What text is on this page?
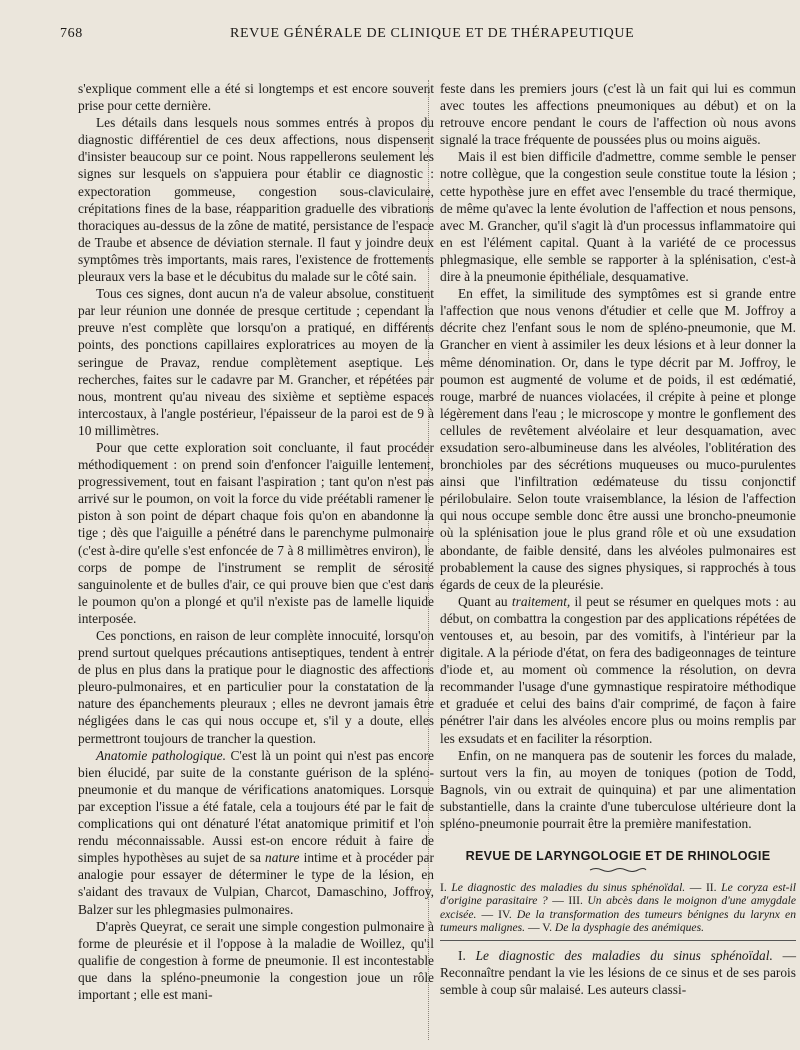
768	REVUE GÉNÉRALE DE CLINIQUE ET DE THÉRAPEUTIQUE

s'explique comment elle a été si longtemps et est encore souvent prise pour cette dernière.

Les détails dans lesquels nous sommes entrés à propos du diagnostic différentiel de ces deux affections, nous dispensent d'insister beaucoup sur ce point. Nous rappellerons seulement les signes sur lesquels on s'appuiera pour établir ce diagnostic : expectoration gommeuse, congestion sous-claviculaire, crépitations fines de la base, réapparition graduelle des vibrations thoraciques au-dessus de la zône de matité, persistance de l'espace de Traube et absence de déviation sternale. Il faut y joindre deux symptômes très importants, mais rares, l'existence de frottements pleuraux vers la base et le décubitus du malade sur le côté sain.

Tous ces signes, dont aucun n'a de valeur absolue, constituent par leur réunion une donnée de presque certitude ; cependant la preuve n'est complète que lorsqu'on a pratiqué, en différents points, des ponctions capillaires exploratrices au moyen de la seringue de Pravaz, rendue complètement aseptique. Les recherches, faites sur le cadavre par M. Grancher, et répétées par nous, montrent qu'au niveau des sixième et septième espaces intercostaux, à l'angle postérieur, l'épaisseur de la paroi est de 9 à 10 millimètres.

Pour que cette exploration soit concluante, il faut procéder méthodiquement : on prend soin d'enfoncer l'aiguille lentement, progressivement, tout en faisant l'aspiration ; tant qu'on n'est pas arrivé sur le poumon, on voit la force du vide préétabli ramener le piston à son point de départ chaque fois qu'on en abandonne la tige ; dès que l'aiguille a pénétré dans le parenchyme pulmonaire (c'est à-dire qu'elle s'est enfoncée de 7 à 8 millimètres environ), le corps de pompe de l'instrument se remplit de sérosité sanguinolente et de bulles d'air, ce qui prouve bien que c'est dans le poumon qu'on a plongé et qu'il n'existe pas de lamelle liquide interposée.

Ces ponctions, en raison de leur complète innocuité, lorsqu'on prend surtout quelques précautions antiseptiques, tendent à entrer de plus en plus dans la pratique pour le diagnostic des affections pleuro-pulmonaires, et en particulier pour la constatation de la nature des épanchements pleuraux ; elles ne devront jamais être négligées dans le cas qui nous occupe et, s'il y a doute, elles permettront toujours de trancher la question.

Anatomie pathologique. C'est là un point qui n'est pas encore bien élucidé, par suite de la constante guérison de la spléno-pneumonie et du manque de vérifications anatomiques. Lorsque par exception l'issue a été fatale, cela a toujours été par le fait de complications qui ont dénaturé l'état anatomique primitif et l'on rendu méconnaissable. Aussi est-on encore réduit à faire de simples hypothèses au sujet de sa nature intime et à procéder par analogie pour essayer de déterminer le type de la lésion, en s'aidant des travaux de Vulpian, Charcot, Damaschino, Joffroy, Balzer sur les phlegmasies pulmonaires.

D'après Queyrat, ce serait une simple congestion pulmonaire à forme de pleurésie et il l'oppose à la maladie de Woillez, qu'il qualifie de congestion à forme de pneumonie. Il est incontestable que dans la spléno-pneumonie la congestion joue un rôle important ; elle est mani-

feste dans les premiers jours (c'est là un fait qui lui es commun avec toutes les affections pneumoniques au début) et on la retrouve encore pendant le cours de l'affection où nous avons signalé la trace fréquente de poussées plus ou moins aiguës.

Mais il est bien difficile d'admettre, comme semble le penser notre collègue, que la congestion seule constitue toute la lésion ; cette hypothèse jure en effet avec l'ensemble du tracé thermique, de même qu'avec la lente évolution de l'affection et nous pensons, avec M. Grancher, qu'il s'agit là d'un processus inflammatoire qui en est l'élément capital. Quant à la variété de ce processus phlegmasique, elle semble se rapporter à la splénisation, c'est-à dire à la pneumonie épithéliale, desquamative.

En effet, la similitude des symptômes est si grande entre l'affection que nous venons d'étudier et celle que M. Joffroy a décrite chez l'enfant sous le nom de spléno-pneumonie, que M. Grancher en vient à assimiler les deux lésions et à leur donner la même dénomination. Or, dans le type décrit par M. Joffroy, le poumon est augmenté de volume et de poids, il est œdématié, rouge, marbré de nuances violacées, il crépite à peine et plonge légèrement dans l'eau ; le microscope y montre le gonflement des cellules de revêtement alvéolaire et leur desquamation, avec exsudation sero-albumineuse dans les alvéoles, l'oblitération des bronchioles par des sécrétions muqueuses ou muco-purulentes ainsi que l'infiltration œdémateuse du tissu conjonctif périlobulaire. Selon toute vraisemblance, la lésion de l'affection qui nous occupe semble donc être aussi une broncho-pneumonie où la splénisation joue le plus grand rôle et où une exsudation abondante, de faible densité, dans les alvéoles pulmonaires est probablement la cause des signes physiques, si rapprochés à tous égards de ceux de la pleurésie.

Quant au traitement, il peut se résumer en quelques mots : au début, on combattra la congestion par des applications répétées de ventouses et, au besoin, par des vomitifs, à l'intérieur par la digitale. A la période d'état, on fera des badigeonnages de teinture d'iode et, au moment où commence la résolution, on devra recommander l'usage d'une gymnastique respiratoire méthodique et graduée et celui des bains d'air comprimé, de façon à faire pénétrer l'air dans les alvéoles encore plus ou moins remplis par les exsudats et en faciliter la résorption.

Enfin, on ne manquera pas de soutenir les forces du malade, surtout vers la fin, au moyen de toniques (potion de Todd, Bagnols, vin ou extrait de quinquina) et par une alimentation substantielle, dans la crainte d'une tuberculose ultérieure dont la spléno-pneumonie pourrait être la première manifestation.

REVUE DE LARYNGOLOGIE ET DE RHINOLOGIE
I. Le diagnostic des maladies du sinus sphénoïdal. — II. Le coryza est-il d'origine parasitaire ? — III. Un abcès dans le moignon d'une amygdale excisée. — IV. De la transformation des tumeurs bénignes du larynx en tumeurs malignes. — V. De la dysphagie des anémiques.

I. Le diagnostic des maladies du sinus sphénoïdal. — Reconnaître pendant la vie les lésions de ce sinus et de ses parois semble à coup sûr malaisé. Les auteurs classi-
